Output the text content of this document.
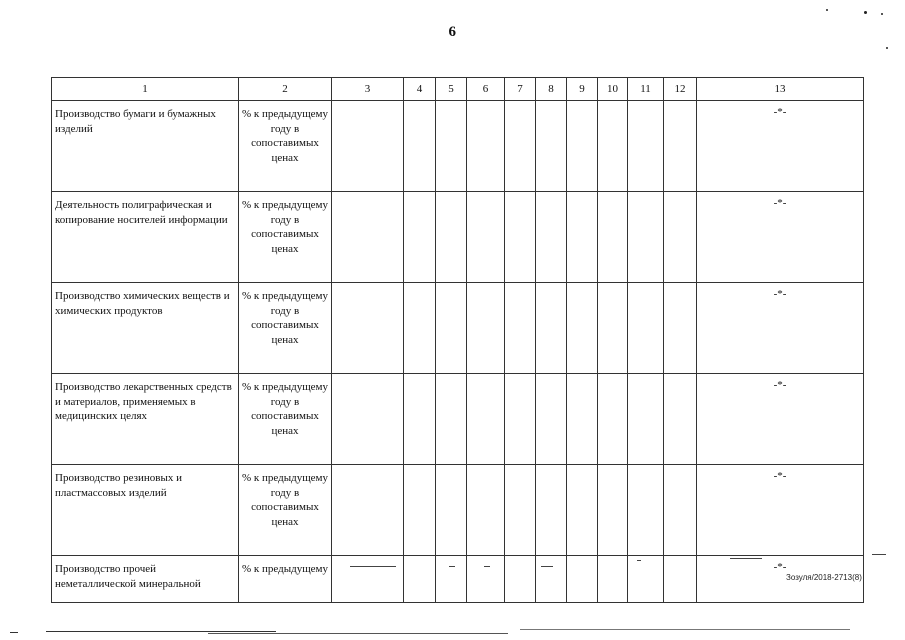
6
1	2	3	4	5	6	7	8	9	10	11	12	13
Производство бумаги и бумажных изделий	% к предыдущему году в сопоставимых ценах											-*-
Деятельность полиграфическая и копирование носителей информации	% к предыдущему году в сопоставимых ценах											-*-
Производство химических веществ и химических продуктов	% к предыдущему году в сопоставимых ценах											-*-
Производство лекарственных средств и материалов, применяемых в медицинских целях	% к предыдущему году в сопоставимых ценах											-*-
Производство резиновых и пластмассовых изделий	% к предыдущему году в сопоставимых ценах											-*-
Производство прочей неметаллической минеральной	% к предыдущему											-*-
Зозуля/2018-2713(8)
